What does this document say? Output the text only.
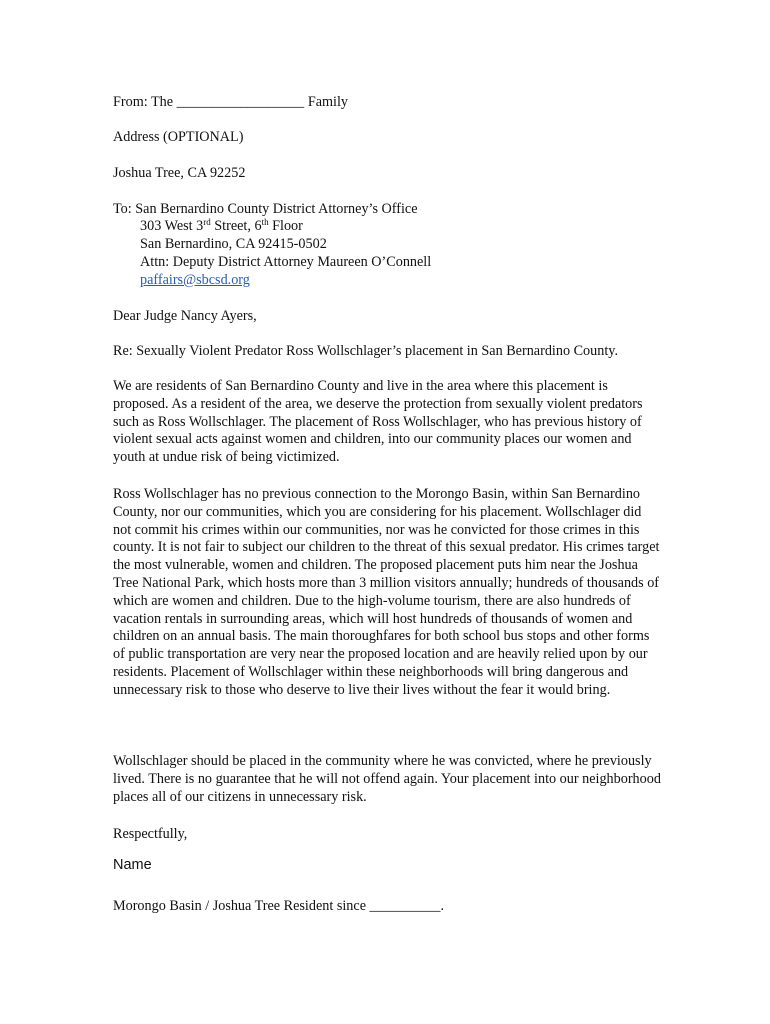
From: The __________________ Family

Address (OPTIONAL)

Joshua Tree, CA 92252

To: San Bernardino County District Attorney’s Office

303 West 3rd Street, 6th Floor

San Bernardino, CA 92415-0502

Attn: Deputy District Attorney Maureen O’Connell

paffairs@sbcsd.org

Dear Judge Nancy Ayers,

Re: Sexually Violent Predator Ross Wollschlager’s placement in San Bernardino County.

We are residents of San Bernardino County and live in the area where this placement is proposed. As a resident of the area, we deserve the protection from sexually violent predators such as Ross Wollschlager. The placement of Ross Wollschlager, who has previous history of violent sexual acts against women and children, into our community places our women and youth at undue risk of being victimized.

Ross Wollschlager has no previous connection to the Morongo Basin, within San Bernardino County, nor our communities, which you are considering for his placement. Wollschlager did not commit his crimes within our communities, nor was he convicted for those crimes in this county. It is not fair to subject our children to the threat of this sexual predator. His crimes target the most vulnerable, women and children. The proposed placement puts him near the Joshua Tree National Park, which hosts more than 3 million visitors annually; hundreds of thousands of which are women and children. Due to the high-volume tourism, there are also hundreds of vacation rentals in surrounding areas, which will host hundreds of thousands of women and children on an annual basis. The main thoroughfares for both school bus stops and other forms of public transportation are very near the proposed location and are heavily relied upon by our residents. Placement of Wollschlager within these neighborhoods will bring dangerous and unnecessary risk to those who deserve to live their lives without the fear it would bring.

Wollschlager should be placed in the community where he was convicted, where he previously lived. There is no guarantee that he will not offend again. Your placement into our neighborhood places all of our citizens in unnecessary risk.

Respectfully,

Name

Morongo Basin / Joshua Tree Resident since __________.
